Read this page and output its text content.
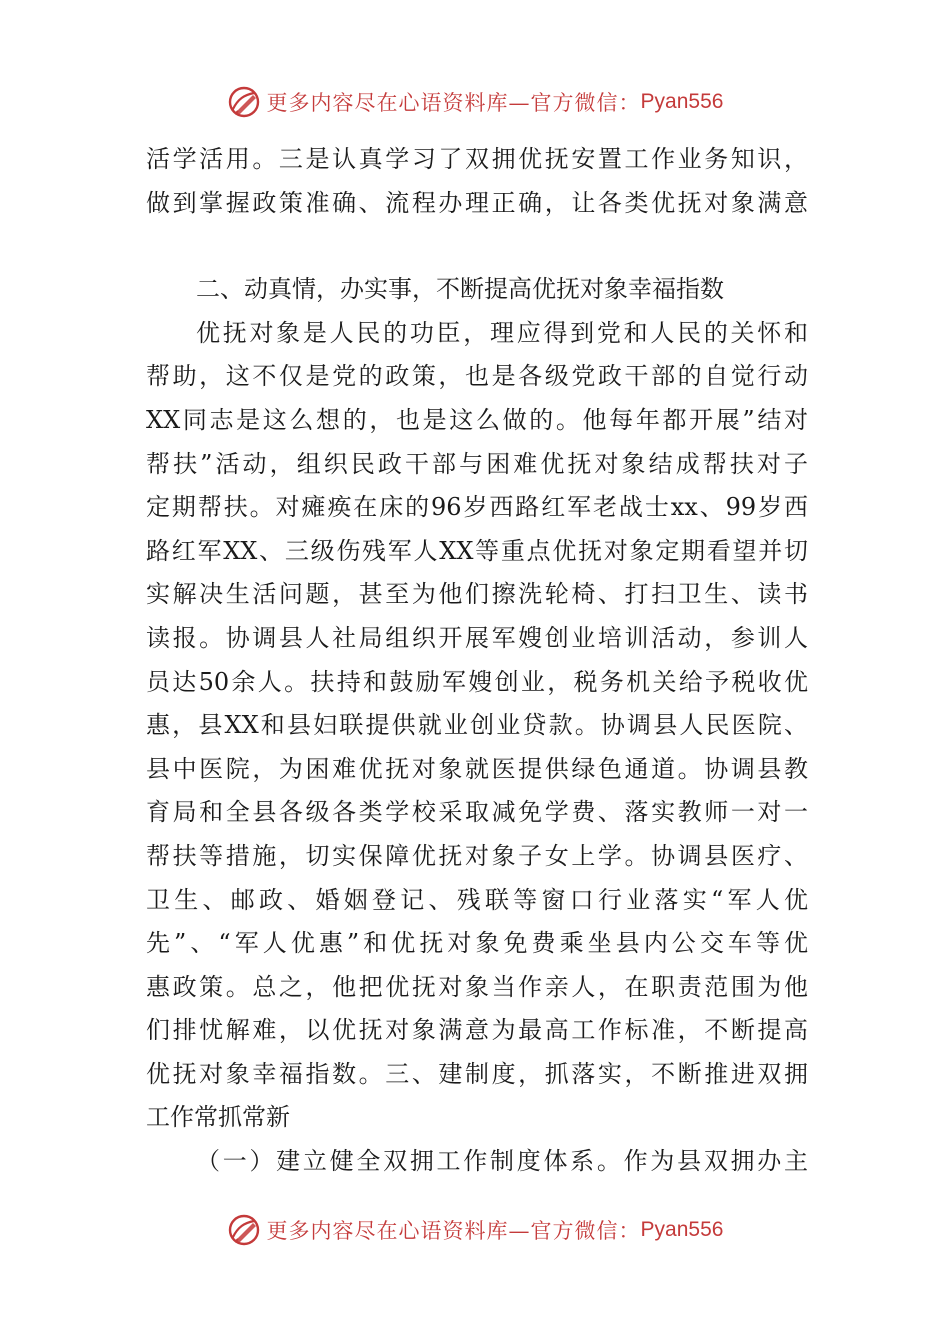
更多内容尽在心语资料库—官方微信： Pyan556
活学活用。三是认真学习了双拥优抚安置工作业务知识，
做到掌握政策准确、流程办理正确，让各类优抚对象满意
二、动真情，办实事，不断提高优抚对象幸福指数
优抚对象是人民的功臣，理应得到党和人民的关怀和
帮助，这不仅是党的政策，也是各级党政干部的自觉行动
XX同志是这么想的，也是这么做的。他每年都开展”结对
帮扶”活动，组织民政干部与困难优抚对象结成帮扶对子
定期帮扶。对瘫痪在床的96岁西路红军老战士xx、99岁西
路红军XX、三级伤残军人XX等重点优抚对象定期看望并切
实解决生活问题，甚至为他们擦洗轮椅、打扫卫生、读书
读报。协调县人社局组织开展军嫂创业培训活动，参训人
员达50余人。扶持和鼓励军嫂创业，税务机关给予税收优
惠，县XX和县妇联提供就业创业贷款。协调县人民医院、
县中医院，为困难优抚对象就医提供绿色通道。协调县教
育局和全县各级各类学校采取减免学费、落实教师一对一
帮扶等措施，切实保障优抚对象子女上学。协调县医疗、
卫生、邮政、婚姻登记、残联等窗口行业落实“军人优
先”、“军人优惠”和优抚对象免费乘坐县内公交车等优
惠政策。总之，他把优抚对象当作亲人，在职责范围为他
们排忧解难，以优抚对象满意为最高工作标准，不断提高
优抚对象幸福指数。三、建制度，抓落实，不断推进双拥
工作常抓常新
（一）建立健全双拥工作制度体系。作为县双拥办主
更多内容尽在心语资料库—官方微信： Pyan556
